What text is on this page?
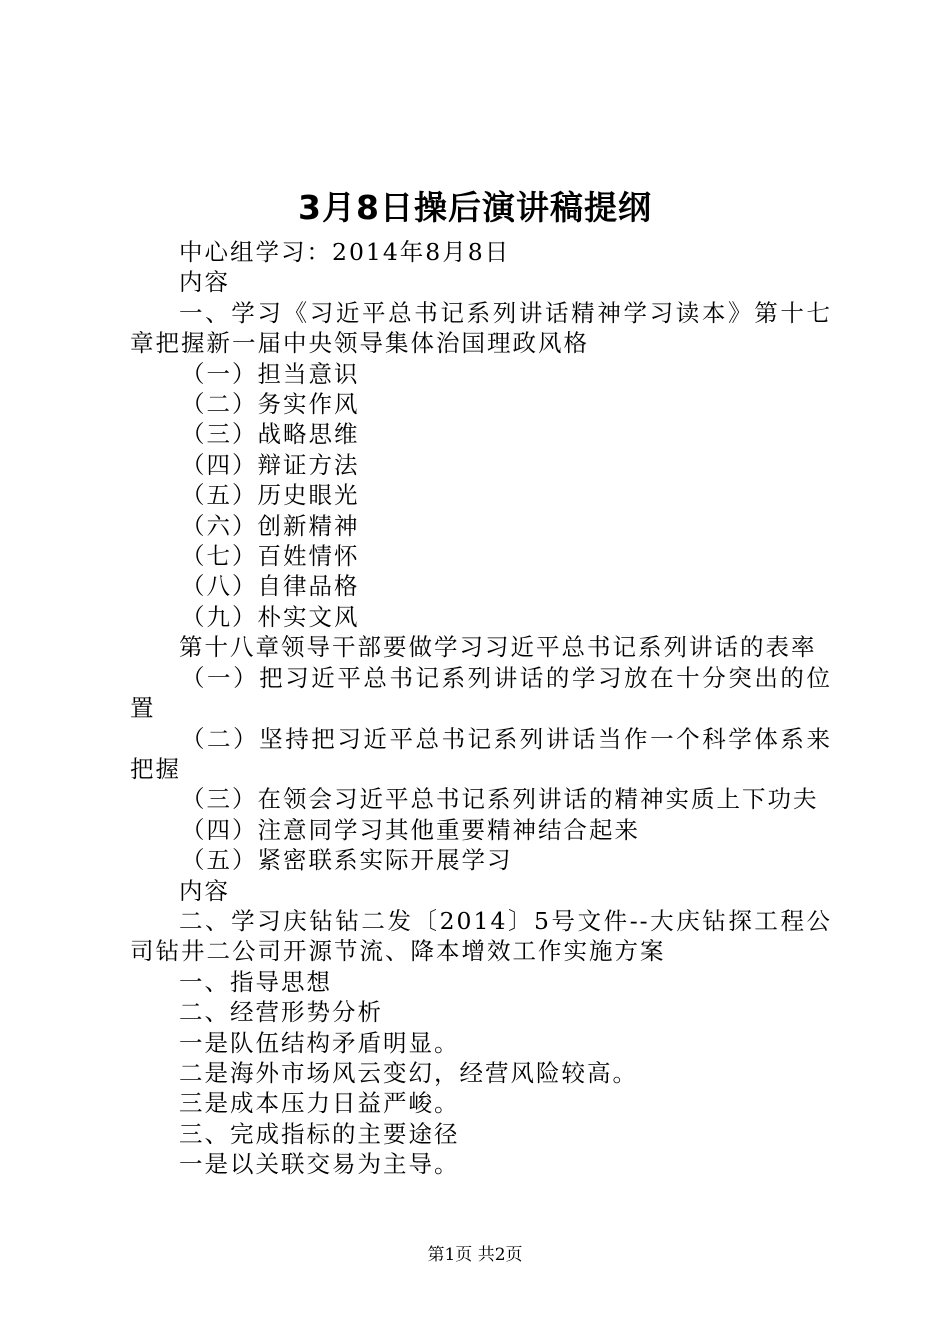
3月8日操后演讲稿提纲

中心组学习：2014年8月8日

内容

一、学习《习近平总书记系列讲话精神学习读本》第十七章把握新一届中央领导集体治国理政风格

（一）担当意识

（二）务实作风

（三）战略思维

（四）辩证方法

（五）历史眼光

（六）创新精神

（七）百姓情怀

（八）自律品格

（九）朴实文风

第十八章领导干部要做学习习近平总书记系列讲话的表率

（一）把习近平总书记系列讲话的学习放在十分突出的位置

（二）坚持把习近平总书记系列讲话当作一个科学体系来把握

（三）在领会习近平总书记系列讲话的精神实质上下功夫

（四）注意同学习其他重要精神结合起来

（五）紧密联系实际开展学习

内容

二、学习庆钻钻二发〔2014〕5号文件--大庆钻探工程公司钻井二公司开源节流、降本增效工作实施方案

一、指导思想

二、经营形势分析

一是队伍结构矛盾明显。

二是海外市场风云变幻，经营风险较高。

三是成本压力日益严峻。

三、完成指标的主要途径

一是以关联交易为主导。

第1页 共2页
